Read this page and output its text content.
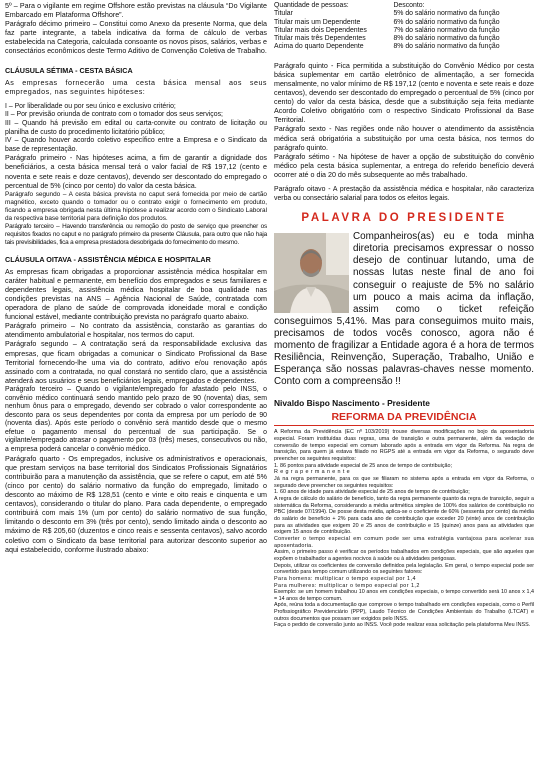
5º – Para o vigilante em regime Offshore estão previstas na cláusula “Do Vigilante Embarcado em Plataforma Offshore”.

Parágrafo décimo primeiro – Constitui como Anexo da presente Norma, que dela faz parte integrante, a tabela indicativa da forma de cálculo de verbas estabelecida na Categoria, calculada consoante os novos pisos, salários, verbas e consectários econômicos deste Termo Aditivo de Convenção Coletiva de Trabalho.

CLÁUSULA SÉTIMA - CESTA BÁSICA

As empresas fornecerão uma cesta básica mensal aos seus empregados, nas seguintes hipóteses:

I – Por liberalidade ou por seu único e exclusivo critério;

II – Por previsão oriunda de contrato com o tomador dos seus serviços;

III – Quando há previsão em edital ou carta-convite ou contrato de licitação ou planilha de custo do procedimento licitatório público;

IV – Quando houver acordo coletivo específico entre a Empresa e o Sindicato da base de representação.

Parágrafo primeiro - Nas hipóteses acima, a fim de garantir a dignidade dos beneficiários, a cesta básica mensal terá o valor facial de R$ 197,12 (cento e noventa e sete reais e doze centavos), devendo ser descontado do empregado o percentual de 5% (cinco por cento) do valor da cesta básica.

Parágrafo segundo – A cesta básica prevista no caput será fornecida por meio de cartão magnético, exceto quando o tomador ou o contrato exigir o fornecimento em produto, ficando a empresa obrigada nesta última hipótese a realizar acordo com o Sindicato Laboral da respectiva base territorial para definição dos produtos.

Parágrafo terceiro – Havendo transferência ou remoção do posto de serviço que preencher os requisitos fixados no caput e no parágrafo primeiro da presente Cláusula, para outro que não haja tais previsibilidades, fica a empresa prestadora desobrigada do fornecimento do mesmo.

CLÁUSULA OITAVA - ASSISTÊNCIA MÉDICA E HOSPITALAR

As empresas ficam obrigadas a proporcionar assistência médica hospitalar em caráter habitual e permanente, em benefício dos empregados e seus familiares e dependentes legais, assistência médica hospitalar de boa qualidade nas condições previstas na ANS – Agência Nacional de Saúde, contratada com operadora de plano de saúde de comprovada idoneidade moral e condição funcional estável, mediante contribuição prevista no parágrafo quarto abaixo.

Parágrafo primeiro – No contrato da assistência, constarão as garantias do atendimento ambulatorial e hospitalar, nos termos do caput.

Parágrafo segundo – A contratação será da responsabilidade exclusiva das empresas, que ficam obrigadas a comunicar o Sindicato Profissional da Base Territorial fornecendo-lhe uma via do contrato, aditivo e/ou renovação após assinado com a contratada, no qual constará no sentido claro, que a assistência atenderá aos usuários e seus beneficiários legais, empregados e dependentes.

Parágrafo terceiro – Quando o vigilante/empregado for afastado pelo INSS, o convênio médico continuará sendo mantido pelo prazo de 90 (noventa) dias, sem nenhum ônus para o empregado, devendo ser cobrado o valor correspondente ao desconto para os seus dependentes por conta da empresa por um período de 90 (noventa dias). Após este período o convênio será mantido desde que o mesmo efetue o pagamento mensal do percentual de sua participação. Se o vigilante/empregado atrasar o pagamento por 03 (três) meses, consecutivos ou não, a empresa poderá cancelar o convênio médico.

Parágrafo quarto - Os empregados, inclusive os administrativos e operacionais, que prestam serviços na base territorial dos Sindicatos Profissionais Signatários contribuirão para a manutenção da assistência, que se refere o caput, em até 5% (cinco por cento) do salário normativo da função do empregado, limitado o desconto ao máximo de R$ 128,51 (cento e vinte e oito reais e cinquenta e um centavos), considerando o titular do plano. Para cada dependente, o empregado contribuirá com mais 1% (um por cento) do salário normativo de sua função, limitando o desconto em 3% (três por cento), sendo limitado ainda o desconto ao máximo de R$ 205,60 (duzentos e cinco reais e sessenta centavos), salvo acordo coletivo com o Sindicato da base territorial para autorizar desconto superior ao aqui estabelecido, conforme ilustrado abaixo:

Quantidade de pessoas:	Desconto:
Titular	5% do salário normativo da função
Titular mais um Dependente	6% do salário normativo da função
Titular mais dois Dependentes	7% do salário normativo da função
Titular mais três Dependentes	8% do salário normativo da função
Acima do quarto Dependente	8% do salário normativo da função

Parágrafo quinto - Fica permitida a substituição do Convênio Médico por cesta básica suplementar em cartão eletrônico de alimentação, a ser fornecida mensalmente, no valor mínimo de R$ 197,12 (cento e noventa e sete reais e doze centavos), devendo ser descontado do empregado o percentual de 5% (cinco por cento) do valor da cesta básica, desde que a substituição seja feita mediante Acordo Coletivo obrigatório com o respectivo Sindicato Profissional da Base Territorial.

Parágrafo sexto - Nas regiões onde não houver o atendimento da assistência médica será obrigatória a substituição por uma cesta básica, nos termos do parágrafo quinto.

Parágrafo sétimo - Na hipótese de haver a opção de substituição do convênio médico pela cesta básica suplementar, a entrega do referido benefício deverá ocorrer até o dia 20 do mês subsequente ao mês trabalhado.

Parágrafo oitavo - A prestação da assistência médica e hospitalar, não caracteriza verba ou consectário salarial para todos os efeitos legais.

PALAVRA DO PRESIDENTE

Companheiros(as) eu e toda minha diretoria precisamos expressar o nosso desejo de continuar lutando, uma de nossas lutas neste final de ano foi conseguir o reajuste de 5% no salário um pouco a mais acima da inflação, assim como o ticket refeição conseguimos 5,41%. Mas para conseguimos muito mais, precisamos de todos vocês conosco, agora não é momento de fragilizar a Entidade agora é a hora de termos Resiliência, Reinvenção, Superação, Trabalho, União e Esperança são nossas palavras-chaves nesse momento. Conto com a compreensão !!

Nivaldo Bispo Nascimento - Presidente

REFORMA DA PREVIDÊNCIA

A Reforma da Previdência (EC nº 103/2019) trouxe diversas modificações no bojo da aposentadoria especial. Foram instituídas duas regras, uma de transição e outra permanente, além da vedação de conversão de tempo especial em comum laborado após a entrada em vigor da Reforma. Na regra de transição, para quem já estava filiado no RGPS até a entrada em vigor da Reforma, o segurado deve preencher os seguintes requisitos:

1. 86 pontos para atividade especial de 25 anos de tempo de contribuição;

R e g r a p e r m a n e n t e

Já na regra permanente, para os que se filiaram no sistema após a entrada em vigor da Reforma, o segurado deve preencher os seguintes requisitos:

1. 60 anos de idade para atividade especial de 25 anos de tempo de contribuição;

A regra de cálculo do salário de benefício, tanto da regra permanente quanto da regra de transição, seguir a sistemática da Reforma, considerando a média aritmética simples de 100% dos salários de contribuição no PBC (desde 07/1994). De posse desta média, aplica-se o coeficiente de 60% (sessenta por cento) da média do salário de benefício + 2% para cada ano de contribuição que exceder 20 (vinte) anos de contribuição para as atividades que exigem 20 e 25 anos de contribuição e 15 (quinze) anos para as atividades que exigem 15 anos de contribuição.

Converter o tempo especial em comum pode ser uma estratégia vantajosa para acelerar sua aposentadoria.

Assim, o primeiro passo é verificar os períodos trabalhados em condições especiais, que são aqueles que expõem o trabalhador a agentes nocivos à saúde ou à atividades perigosas.

Depois, utilizar os coeficientes de conversão definidos pela legislação. Em geral, o tempo especial pode ser convertido para tempo comum utilizando os seguintes fatores:

Para homens: multiplicar o tempo especial por 1,4

Para mulheres: multiplicar o tempo especial por 1,2

Exemplo: se um homem trabalhou 10 anos em condições especiais, o tempo convertido será 10 anos x 1,4 = 14 anos de tempo comum.

Após, reúna toda a documentação que comprove o tempo trabalhado em condições especiais, como o Perfil Profissiográfico Previdenciário (PPP), Laudo Técnico de Condições Ambientais do Trabalho (LTCAT) e outros documentos que possam ser exigidos pelo INSS.

Faça o pedido de conversão junto ao INSS. Você pode realizar essa solicitação pela plataforma Meu INSS.
